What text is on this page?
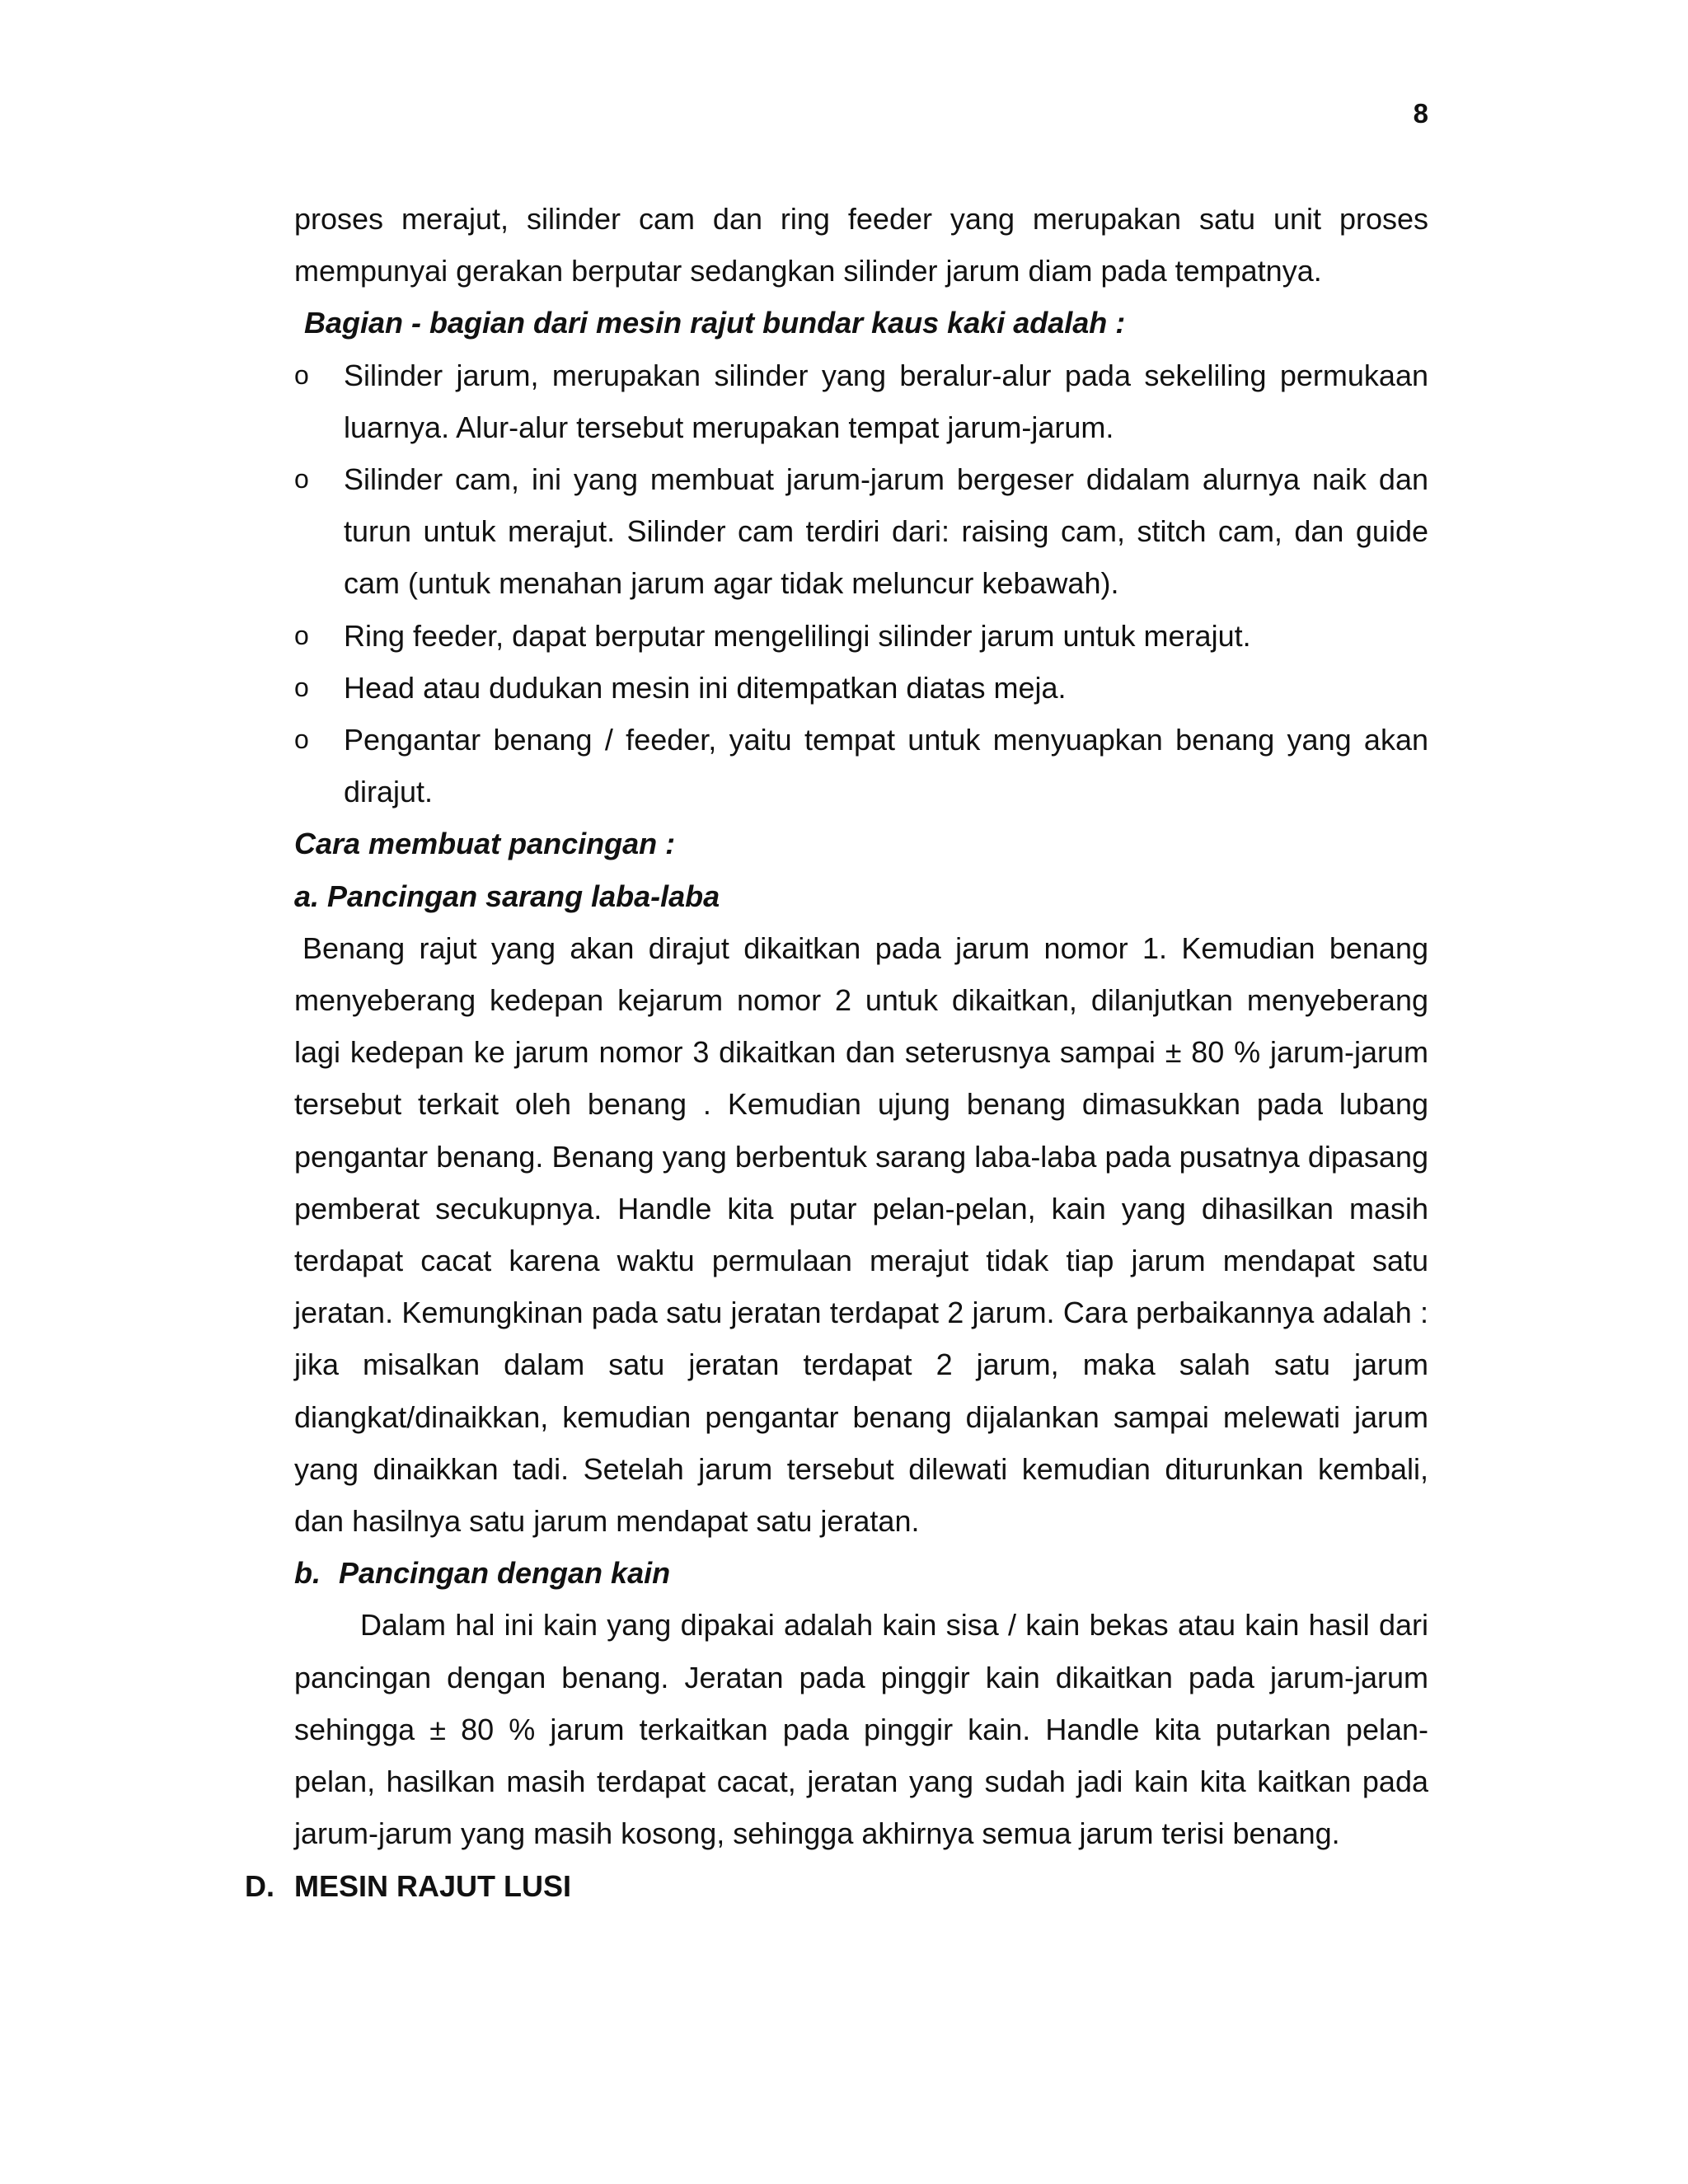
8

proses merajut, silinder cam dan ring feeder yang merupakan satu unit proses mempunyai gerakan berputar sedangkan silinder jarum diam pada tempatnya.

Bagian - bagian dari mesin rajut bundar kaus kaki adalah :

o Silinder jarum, merupakan silinder yang beralur-alur pada sekeliling permukaan luarnya. Alur-alur tersebut merupakan tempat jarum-jarum.
o Silinder cam, ini yang membuat jarum-jarum bergeser didalam alurnya naik dan turun untuk merajut. Silinder cam terdiri dari: raising cam, stitch cam, dan guide cam (untuk menahan jarum agar tidak meluncur kebawah).
o Ring feeder, dapat berputar mengelilingi silinder jarum untuk merajut.
o Head atau dudukan mesin ini ditempatkan diatas meja.
o Pengantar benang / feeder, yaitu tempat untuk menyuapkan benang yang akan dirajut.

Cara membuat pancingan :

a. Pancingan sarang laba-laba

Benang rajut yang akan dirajut dikaitkan pada jarum nomor 1. Kemudian benang menyeberang kedepan kejarum nomor 2 untuk dikaitkan, dilanjutkan menyeberang lagi kedepan ke jarum nomor 3 dikaitkan dan seterusnya sampai ± 80 % jarum-jarum tersebut terkait oleh benang . Kemudian ujung benang dimasukkan pada lubang pengantar benang. Benang yang berbentuk sarang laba-laba pada pusatnya dipasang pemberat secukupnya. Handle kita putar pelan-pelan, kain yang dihasilkan masih terdapat cacat karena waktu permulaan merajut tidak tiap jarum mendapat satu jeratan. Kemungkinan pada satu jeratan terdapat 2 jarum. Cara perbaikannya adalah : jika misalkan dalam satu jeratan terdapat 2 jarum, maka salah satu jarum diangkat/dinaikkan, kemudian pengantar benang dijalankan sampai melewati jarum yang dinaikkan tadi. Setelah jarum tersebut dilewati kemudian diturunkan kembali, dan hasilnya satu jarum mendapat satu jeratan.

b. Pancingan dengan kain

Dalam hal ini kain yang dipakai adalah kain sisa / kain bekas atau kain hasil dari pancingan dengan benang. Jeratan pada pinggir kain dikaitkan pada jarum-jarum sehingga ± 80 % jarum terkaitkan pada pinggir kain. Handle kita putarkan pelan-pelan, hasilkan masih terdapat cacat, jeratan yang sudah jadi kain kita kaitkan pada jarum-jarum yang masih kosong, sehingga akhirnya semua jarum terisi benang.

D. MESIN RAJUT LUSI
